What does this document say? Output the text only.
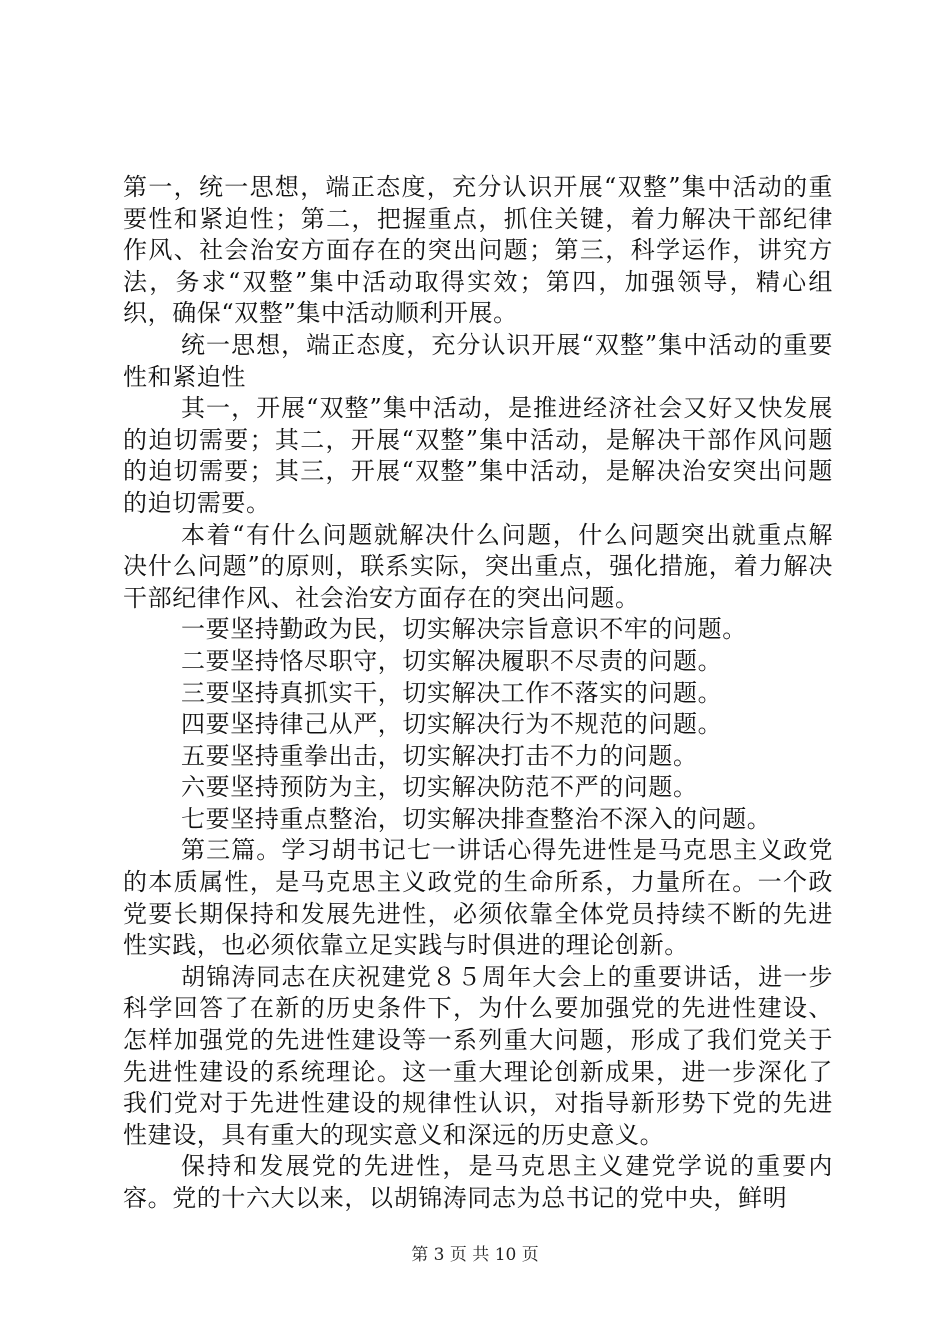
第一，统一思想，端正态度，充分认识开展“双整”集中活动的重要性和紧迫性；第二，把握重点，抓住关键，着力解决干部纪律作风、社会治安方面存在的突出问题；第三，科学运作，讲究方法，务求“双整”集中活动取得实效；第四，加强领导，精心组织，确保“双整”集中活动顺利开展。

统一思想，端正态度，充分认识开展“双整”集中活动的重要性和紧迫性

其一，开展“双整”集中活动，是推进经济社会又好又快发展的迫切需要；其二，开展“双整”集中活动，是解决干部作风问题的迫切需要；其三，开展“双整”集中活动，是解决治安突出问题的迫切需要。

本着“有什么问题就解决什么问题，什么问题突出就重点解决什么问题”的原则，联系实际，突出重点，强化措施，着力解决干部纪律作风、社会治安方面存在的突出问题。

一要坚持勤政为民，切实解决宗旨意识不牢的问题。

二要坚持恪尽职守，切实解决履职不尽责的问题。

三要坚持真抓实干，切实解决工作不落实的问题。

四要坚持律己从严，切实解决行为不规范的问题。

五要坚持重拳出击，切实解决打击不力的问题。

六要坚持预防为主，切实解决防范不严的问题。

七要坚持重点整治，切实解决排查整治不深入的问题。

第三篇。学习胡书记七一讲话心得先进性是马克思主义政党的本质属性，是马克思主义政党的生命所系，力量所在。一个政党要长期保持和发展先进性，必须依靠全体党员持续不断的先进性实践，也必须依靠立足实践与时俱进的理论创新。

胡锦涛同志在庆祝建党８５周年大会上的重要讲话，进一步科学回答了在新的历史条件下，为什么要加强党的先进性建设、怎样加强党的先进性建设等一系列重大问题，形成了我们党关于先进性建设的系统理论。这一重大理论创新成果，进一步深化了我们党对于先进性建设的规律性认识，对指导新形势下党的先进性建设，具有重大的现实意义和深远的历史意义。

保持和发展党的先进性，是马克思主义建党学说的重要内容。党的十六大以来，以胡锦涛同志为总书记的党中央，鲜明

第 3 页 共 10 页
